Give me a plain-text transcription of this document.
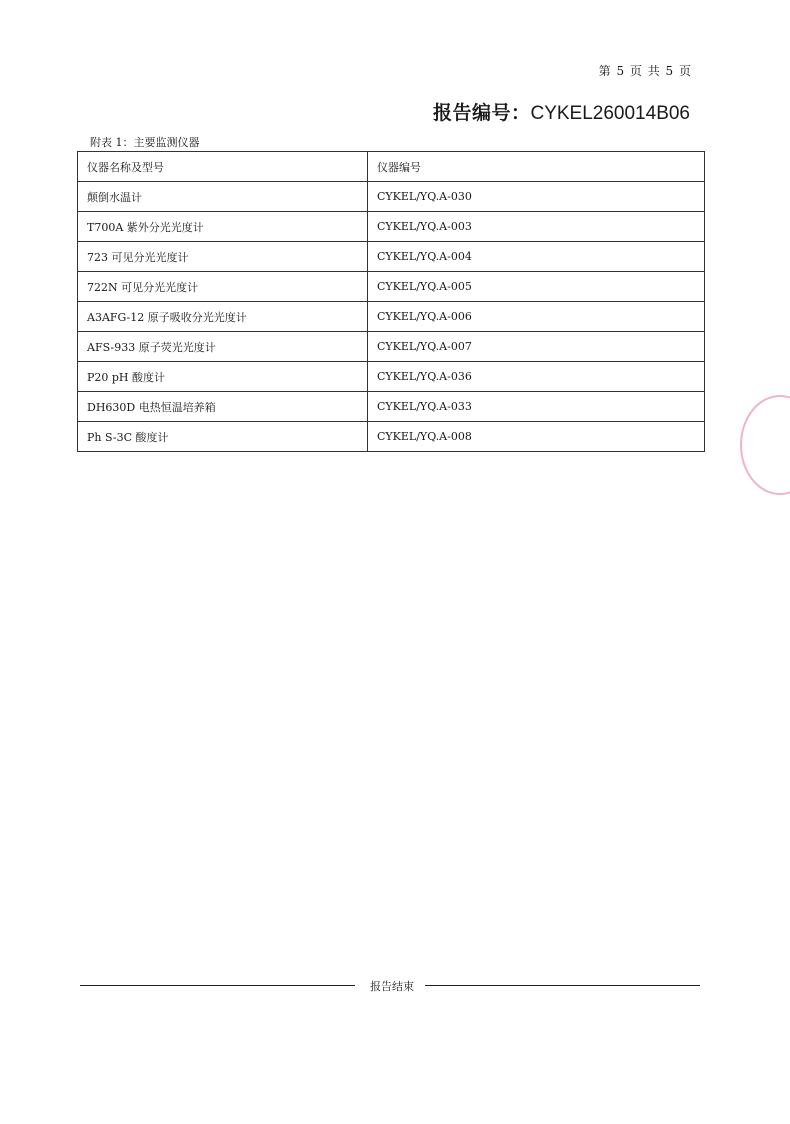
第 5 页 共 5 页
报告编号：CYKEL260014B06
附表 1：主要监测仪器
仪器名称及型号	仪器编号
颠倒水温计	CYKEL/YQ.A-030
T700A 紫外分光光度计	CYKEL/YQ.A-003
723 可见分光光度计	CYKEL/YQ.A-004
722N 可见分光光度计	CYKEL/YQ.A-005
A3AFG-12 原子吸收分光光度计	CYKEL/YQ.A-006
AFS-933 原子荧光光度计	CYKEL/YQ.A-007
P20 pH 酸度计	CYKEL/YQ.A-036
DH630D 电热恒温培养箱	CYKEL/YQ.A-033
Ph S-3C 酸度计	CYKEL/YQ.A-008
报告结束
